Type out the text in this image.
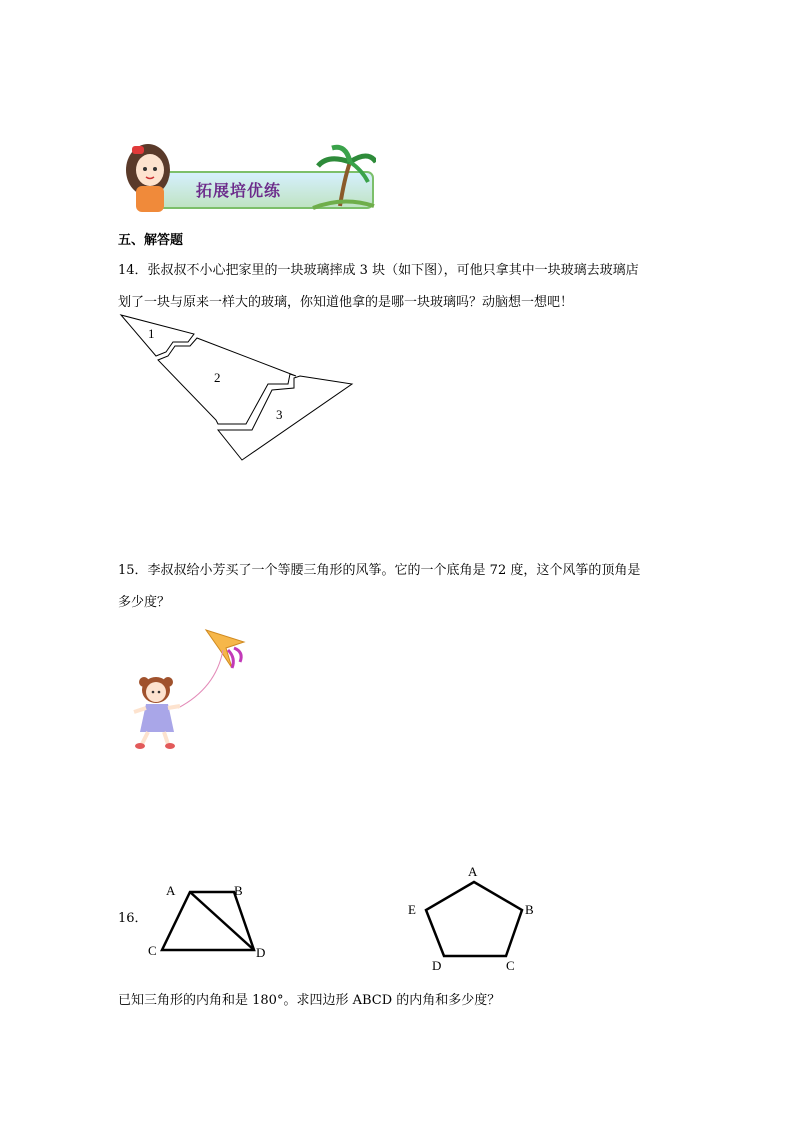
拓展培优练
五、解答题
14．张叔叔不小心把家里的一块玻璃摔成 3 块（如下图），可他只拿其中一块玻璃去玻璃店
划了一块与原来一样大的玻璃，你知道他拿的是哪一块玻璃吗？动脑想一想吧！
1
2
3
15．李叔叔给小芳买了一个等腰三角形的风筝。它的一个底角是 72 度，这个风筝的顶角是
多少度？
16．
A	B
C	D
A
B
C
D
E
已知三角形的内角和是 180°。求四边形 ABCD 的内角和多少度？
